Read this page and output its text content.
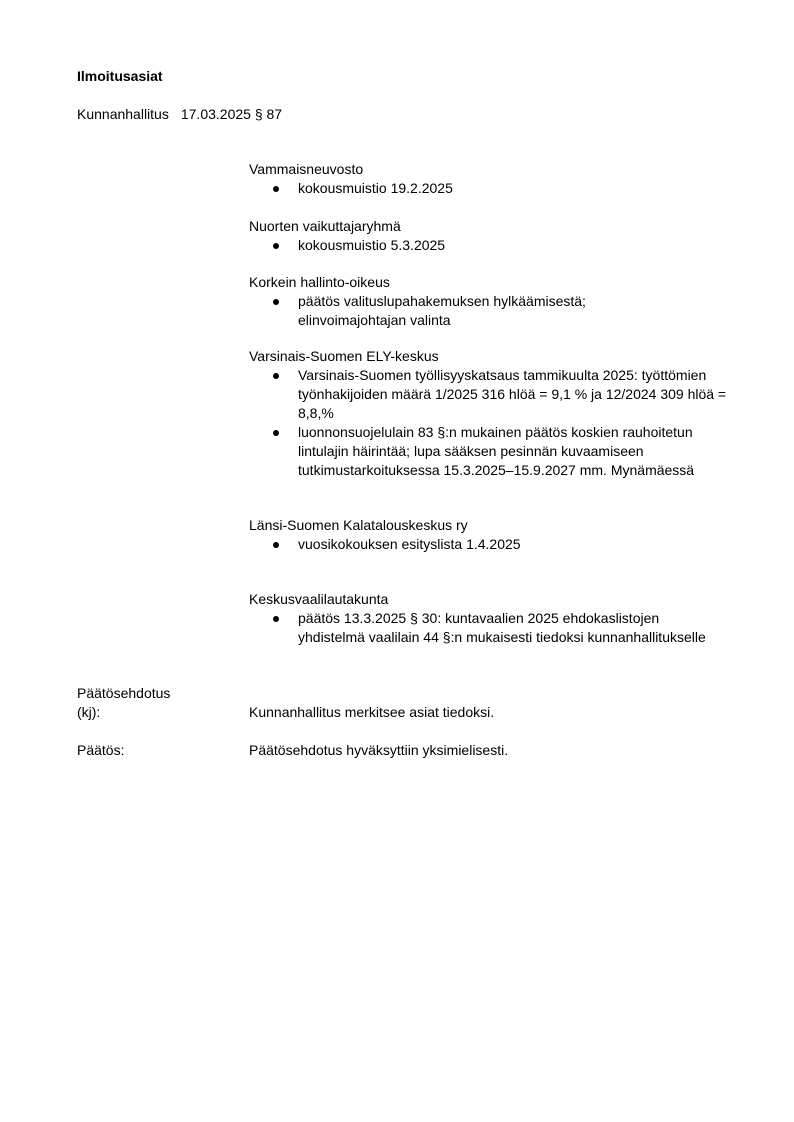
Ilmoitusasiat
Kunnanhallitus 17.03.2025 § 87
Vammaisneuvosto
kokousmuistio 19.2.2025
Nuorten vaikuttajaryhmä
kokousmuistio 5.3.2025
Korkein hallinto-oikeus
päätös valituslupahakemuksen hylkäämisestä; elinvoimajohtajan valinta
Varsinais-Suomen ELY-keskus
Varsinais-Suomen työllisyyskatsaus tammikuulta 2025: työttömien työnhakijoiden määrä 1/2025 316 hlöä = 9,1 % ja 12/2024 309 hlöä = 8,8,%
luonnonsuojelulain 83 §:n mukainen päätös koskien rauhoitetun lintulajin häirintää; lupa sääksen pesinnän kuvaamiseen tutkimustarkoituksessa 15.3.2025–15.9.2027 mm. Mynämäessä
Länsi-Suomen Kalatalouskeskus ry
vuosikokouksen esityslista 1.4.2025
Keskusvaalilautakunta
päätös 13.3.2025 § 30: kuntavaalien 2025 ehdokaslistojen yhdistelmä vaalilain 44 §:n mukaisesti tiedoksi kunnanhallitukselle
Päätösehdotus
(kj):	Kunnanhallitus merkitsee asiat tiedoksi.
Päätös:	Päätösehdotus hyväksyttiin yksimielisesti.
